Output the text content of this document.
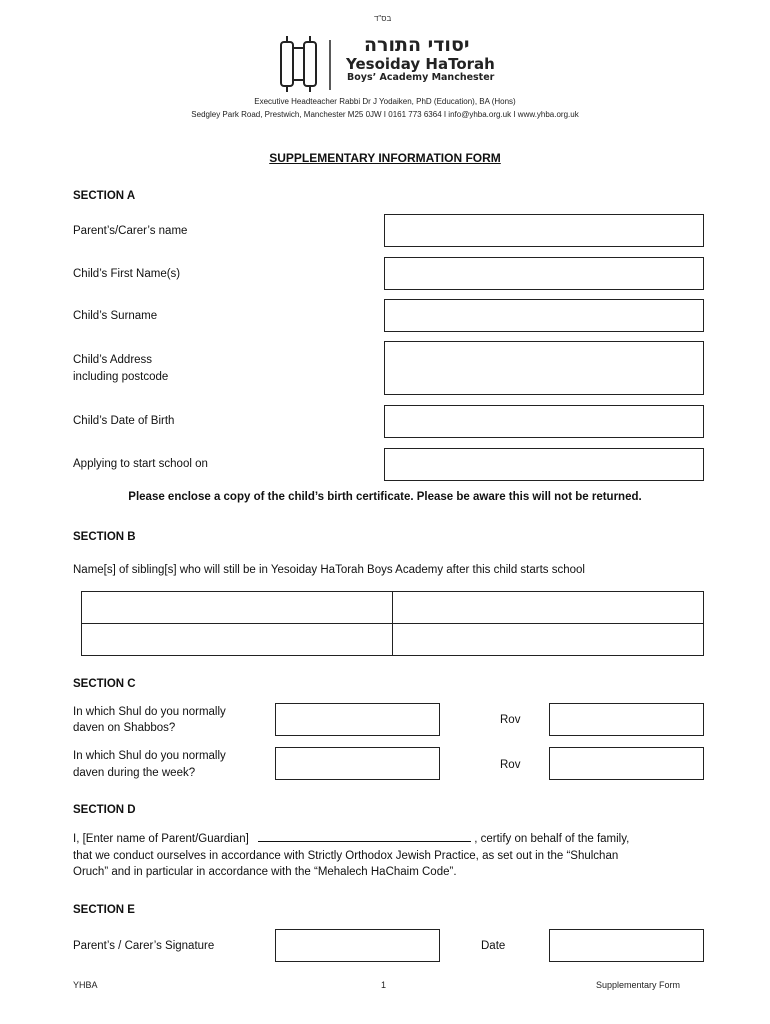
בס"ד
יסודי התורה
Yesoiday HaTorah
Boys’ Academy Manchester
Executive Headteacher Rabbi Dr J Yodaiken, PhD (Education), BA (Hons)
Sedgley Park Road, Prestwich, Manchester M25 0JW I 0161 773 6364 I info@yhba.org.uk I www.yhba.org.uk
SUPPLEMENTARY INFORMATION FORM
SECTION A
Parent’s/Carer’s name
Child’s First Name(s)
Child’s Surname
Child’s Address
including postcode
Child’s Date of Birth
Applying to start school on
Please enclose a copy of the child’s birth certificate. Please be aware this will not be returned.
SECTION B
Name[s] of sibling[s] who will still be in Yesoiday HaTorah Boys Academy after this child starts school

SECTION C
In which Shul do you normally
daven on Shabbos?
Rov
In which Shul do you normally
daven during the week?
Rov
SECTION D
I, [Enter name of Parent/Guardian]	, certify on behalf of the family,
that we conduct ourselves in accordance with Strictly Orthodox Jewish Practice, as set out in the “Shulchan
Oruch” and in particular in accordance with the “Mehalech HaChaim Code”.
SECTION E
Parent’s / Carer’s Signature	Date
YHBA	1	Supplementary Form
